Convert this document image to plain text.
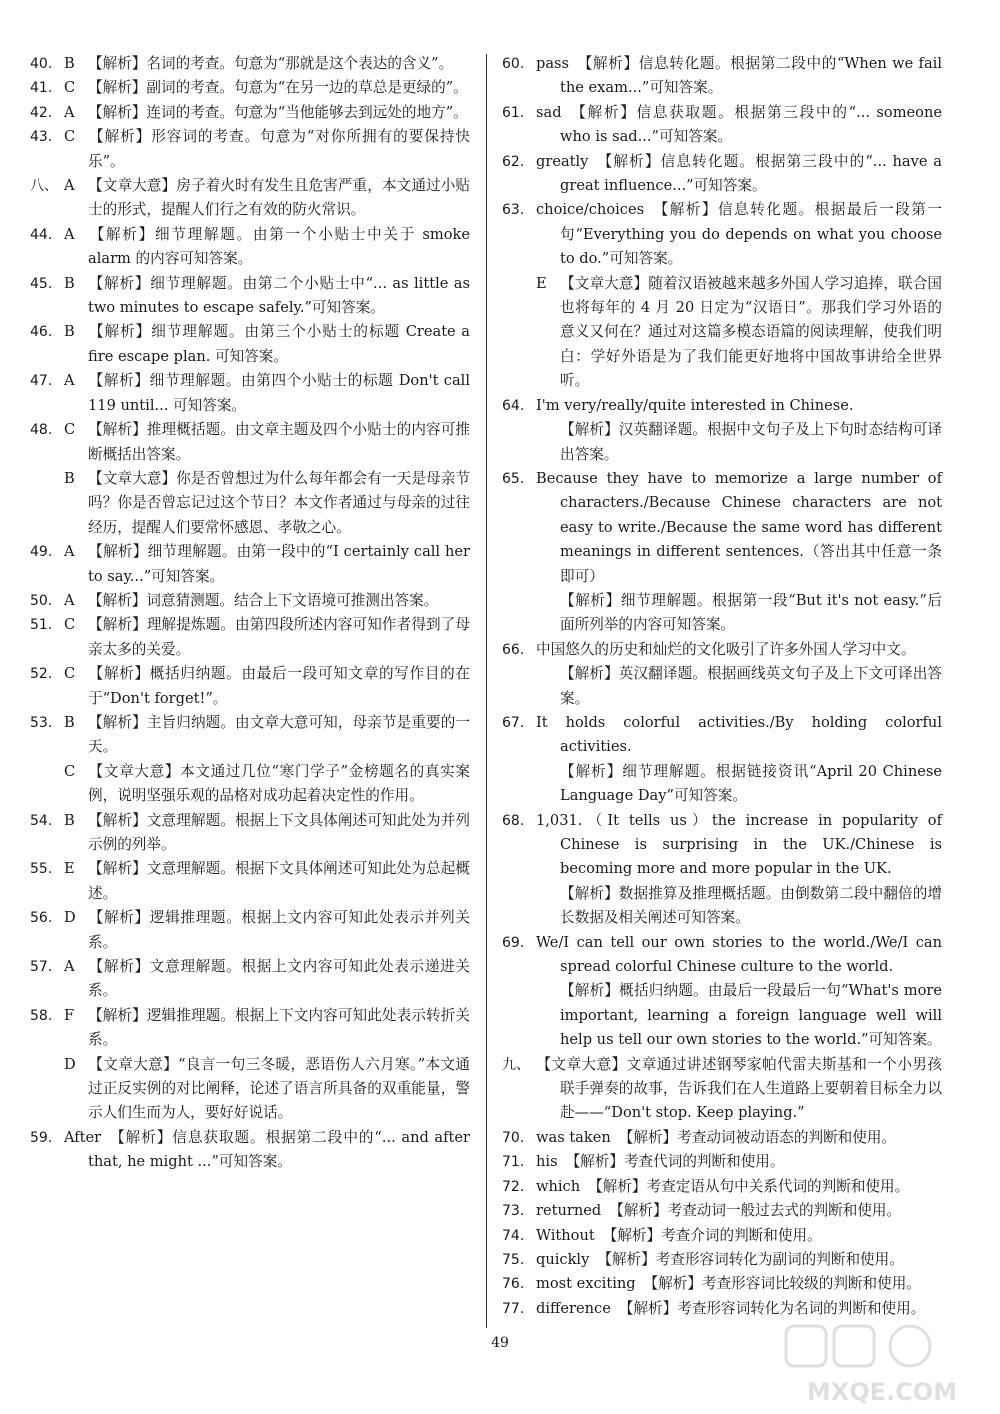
40. B 【解析】名词的考查。句意为“那就是这个表达的含义”。
41. C 【解析】副词的考查。句意为“在另一边的草总是更绿的”。
42. A 【解析】连词的考查。句意为“当他能够去到远处的地方”。
43. C 【解析】形容词的考查。句意为“对你所拥有的要保持快乐”。
八、 A 【文章大意】房子着火时有发生且危害严重，本文通过小贴士的形式，提醒人们行之有效的防火常识。
44. A 【解析】细节理解题。由第一个小贴士中关于 smoke alarm 的内容可知答案。
45. B 【解析】细节理解题。由第二个小贴士中“... as little as two minutes to escape safely.”可知答案。
46. B 【解析】细节理解题。由第三个小贴士的标题 Create a fire escape plan. 可知答案。
47. A 【解析】细节理解题。由第四个小贴士的标题 Don't call 119 until... 可知答案。
48. C 【解析】推理概括题。由文章主题及四个小贴士的内容可推断概括出答案。
B 【文章大意】你是否曾想过为什么每年都会有一天是母亲节吗？你是否曾忘记过这个节日？本文作者通过与母亲的过往经历，提醒人们要常怀感恩、孝敬之心。
49. A 【解析】细节理解题。由第一段中的“I certainly call her to say...”可知答案。
50. A 【解析】词意猜测题。结合上下文语境可推测出答案。
51. C 【解析】理解提炼题。由第四段所述内容可知作者得到了母亲太多的关爱。
52. C 【解析】概括归纳题。由最后一段可知文章的写作目的在于“Don't forget!”。
53. B 【解析】主旨归纳题。由文章大意可知，母亲节是重要的一天。
C 【文章大意】本文通过几位“寒门学子”金榜题名的真实案例，说明坚强乐观的品格对成功起着决定性的作用。
54. B 【解析】文意理解题。根据上下文具体阐述可知此处为并列示例的列举。
55. E 【解析】文意理解题。根据下文具体阐述可知此处为总起概述。
56. D 【解析】逻辑推理题。根据上文内容可知此处表示并列关系。
57. A 【解析】文意理解题。根据上文内容可知此处表示递进关系。
58. F 【解析】逻辑推理题。根据上下文内容可知此处表示转折关系。
D 【文章大意】“良言一句三冬暖，恶语伤人六月寒。”本文通过正反实例的对比阐释，论述了语言所具备的双重能量，警示人们生而为人，要好好说话。
59. After 【解析】信息获取题。根据第二段中的“... and after that, he might ...”可知答案。
60. pass 【解析】信息转化题。根据第二段中的“When we fail the exam...”可知答案。
61. sad 【解析】信息获取题。根据第三段中的“... someone who is sad...”可知答案。
62. greatly 【解析】信息转化题。根据第三段中的“... have a great influence...”可知答案。
63. choice/choices 【解析】信息转化题。根据最后一段第一句“Everything you do depends on what you choose to do.”可知答案。
E 【文章大意】随着汉语被越来越多外国人学习追捧，联合国也将每年的 4 月 20 日定为“汉语日”。那我们学习外语的意义又何在？通过对这篇多模态语篇的阅读理解，使我们明白：学好外语是为了我们能更好地将中国故事讲给全世界听。
64. I'm very/really/quite interested in Chinese.
【解析】汉英翻译题。根据中文句子及上下句时态结构可译出答案。
65. Because they have to memorize a large number of characters./Because Chinese characters are not easy to write./Because the same word has different meanings in different sentences.（答出其中任意一条即可）
【解析】细节理解题。根据第一段“But it's not easy.”后面所列举的内容可知答案。
66. 中国悠久的历史和灿烂的文化吸引了许多外国人学习中文。
【解析】英汉翻译题。根据画线英文句子及上下文可译出答案。
67. It holds colorful activities./By holding colorful activities.
【解析】细节理解题。根据链接资讯“April 20 Chinese Language Day”可知答案。
68. 1,031.（It tells us）the increase in popularity of Chinese is surprising in the UK./Chinese is becoming more and more popular in the UK.
【解析】数据推算及推理概括题。由倒数第二段中翻倍的增长数据及相关阐述可知答案。
69. We/I can tell our own stories to the world./We/I can spread colorful Chinese culture to the world.
【解析】概括归纳题。由最后一段最后一句“What's more important, learning a foreign language well will help us tell our own stories to the world.”可知答案。
九、 【文章大意】文章通过讲述钢琴家帕代雷夫斯基和一个小男孩联手弹奏的故事，告诉我们在人生道路上要朝着目标全力以赴——“Don't stop. Keep playing.”
70. was taken 【解析】考查动词被动语态的判断和使用。
71. his 【解析】考查代词的判断和使用。
72. which 【解析】考查定语从句中关系代词的判断和使用。
73. returned 【解析】考查动词一般过去式的判断和使用。
74. Without 【解析】考查介词的判断和使用。
75. quickly 【解析】考查形容词转化为副词的判断和使用。
76. most exciting 【解析】考查形容词比较级的判断和使用。
77. difference 【解析】考查形容词转化为名词的判断和使用。
49
MXQE.COM
